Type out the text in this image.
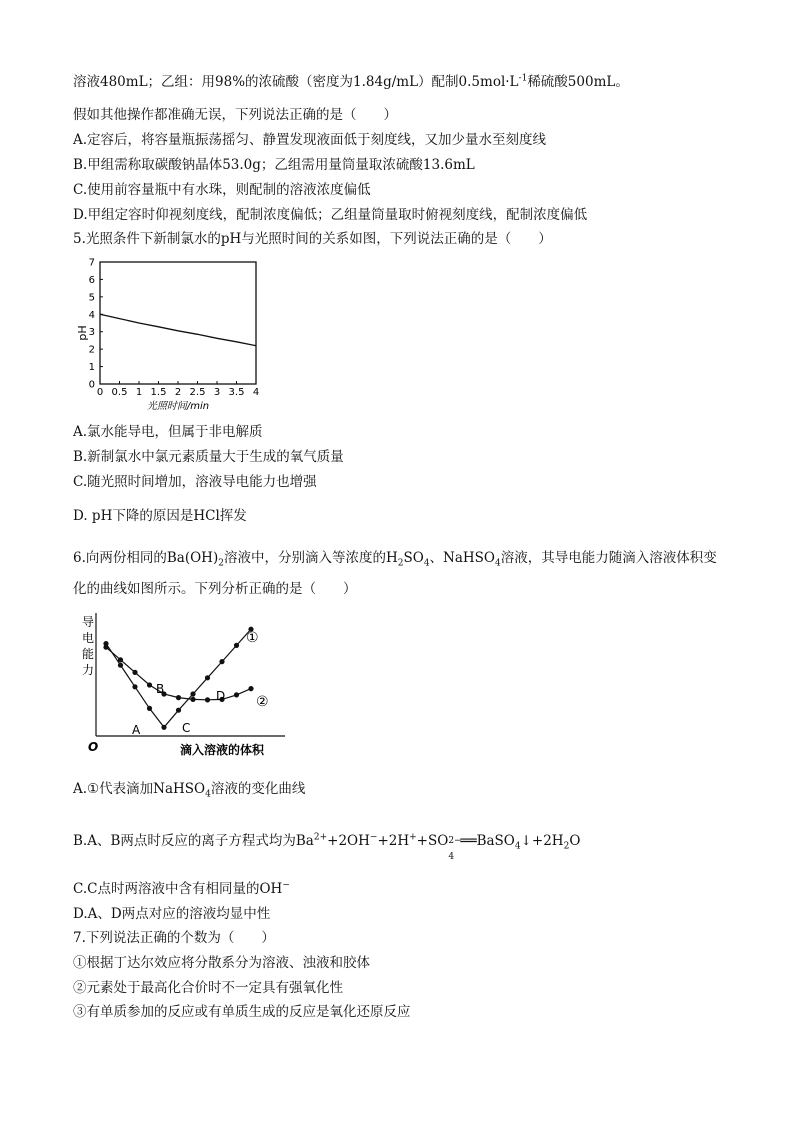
溶液480mL；乙组：用98%的浓硫酸（密度为1.84g/mL）配制$0.5mol\cdot L^{-1}$稀硫酸500mL。
假如其他操作都准确无误，下列说法正确的是（　　）
A.定容后，将容量瓶振荡摇匀、静置发现液面低于刻度线，又加少量水至刻度线
B.甲组需称取碳酸钠晶体53.0g；乙组需用量筒量取浓硫酸13.6mL
C.使用前容量瓶中有水珠，则配制的溶液浓度偏低
D.甲组定容时仰视刻度线，配制浓度偏低；乙组量筒量取时俯视刻度线，配制浓度偏低
5.光照条件下新制氯水的pH与光照时间的关系如图，下列说法正确的是（　　）
0
1
2
3
4
5
6
7
0 0.5 1 1.5 2 2.5 3 3.5 4
pH
光照时间/min
A.氯水能导电，但属于非电解质
B.新制氯水中氯元素质量大于生成的氧气质量
C.随光照时间增加，溶液导电能力也增强
D. pH下降的原因是HCl挥发
6.向两份相同的$Ba(OH)_2$溶液中，分别滴入等浓度的$H_2SO_4$、NaHSO$_4$溶液，其导电能力随滴入溶液体积变
化的曲线如图所示。下列分析正确的是（　　）
导
电
能
力
O	滴入溶液的体积
①
②
A
B
C
D
A.①代表滴加NaHSO$_4$溶液的变化曲线
B.A、B两点时反应的离子方程式均为$Ba^{2+}+2OH^-+2H^++SO$ 2−
4
$══BaSO_4↓+2H_2O$
C.C点时两溶液中含有相同量的OH−
D.A、D两点对应的溶液均显中性
7.下列说法正确的个数为（　　）
①根据丁达尔效应将分散系分为溶液、浊液和胶体
②元素处于最高化合价时不一定具有强氧化性
③有单质参加的反应或有单质生成的反应是氧化还原反应
